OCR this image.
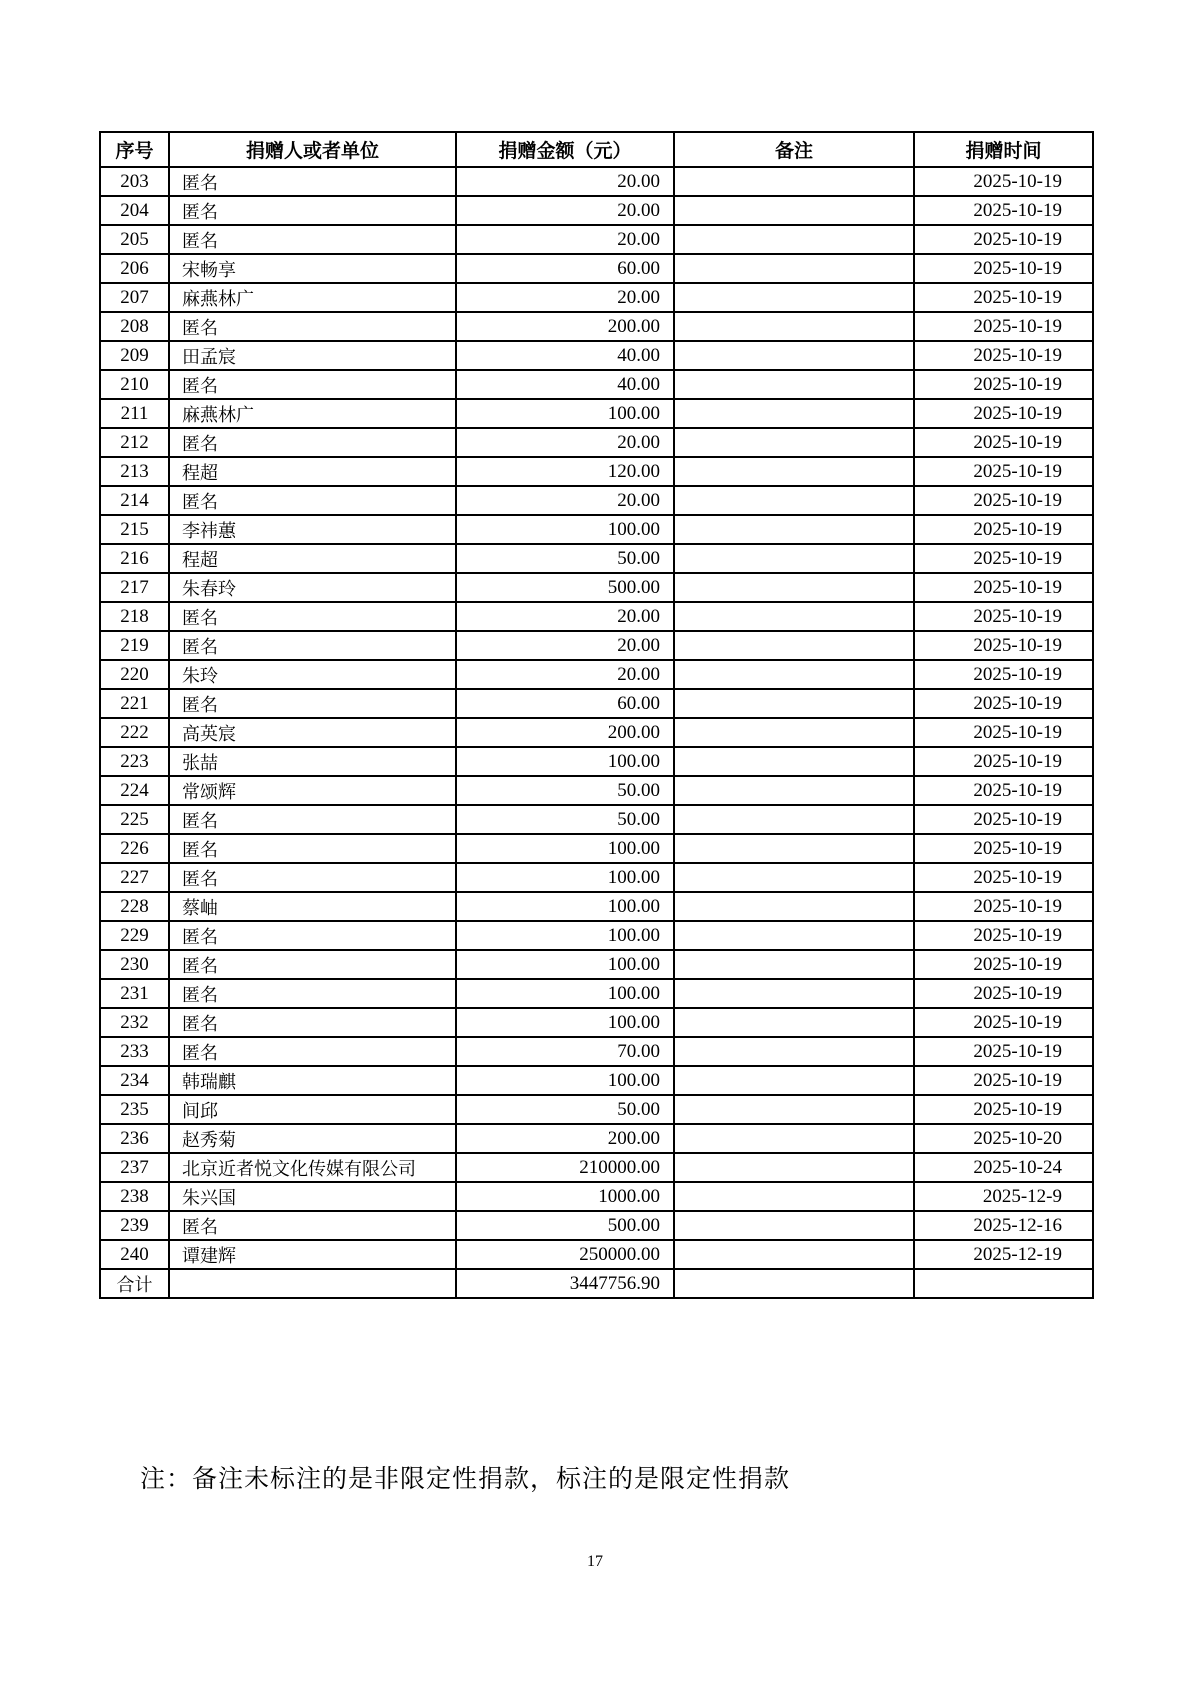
序号	捐赠人或者单位	捐赠金额（元）	备注	捐赠时间
203	匿名	20.00		2025-10-19
204	匿名	20.00		2025-10-19
205	匿名	20.00		2025-10-19
206	宋畅享	60.00		2025-10-19
207	麻燕林广	20.00		2025-10-19
208	匿名	200.00		2025-10-19
209	田孟宸	40.00		2025-10-19
210	匿名	40.00		2025-10-19
211	麻燕林广	100.00		2025-10-19
212	匿名	20.00		2025-10-19
213	程超	120.00		2025-10-19
214	匿名	20.00		2025-10-19
215	李祎蕙	100.00		2025-10-19
216	程超	50.00		2025-10-19
217	朱春玲	500.00		2025-10-19
218	匿名	20.00		2025-10-19
219	匿名	20.00		2025-10-19
220	朱玲	20.00		2025-10-19
221	匿名	60.00		2025-10-19
222	高英宸	200.00		2025-10-19
223	张喆	100.00		2025-10-19
224	常颂辉	50.00		2025-10-19
225	匿名	50.00		2025-10-19
226	匿名	100.00		2025-10-19
227	匿名	100.00		2025-10-19
228	蔡岫	100.00		2025-10-19
229	匿名	100.00		2025-10-19
230	匿名	100.00		2025-10-19
231	匿名	100.00		2025-10-19
232	匿名	100.00		2025-10-19
233	匿名	70.00		2025-10-19
234	韩瑞麒	100.00		2025-10-19
235	间邱	50.00		2025-10-19
236	赵秀菊	200.00		2025-10-20
237	北京近者悦文化传媒有限公司	210000.00		2025-10-24
238	朱兴国	1000.00		2025-12-9
239	匿名	500.00		2025-12-16
240	谭建辉	250000.00		2025-12-19
合计		3447756.90		

注：备注未标注的是非限定性捐款，标注的是限定性捐款

17
